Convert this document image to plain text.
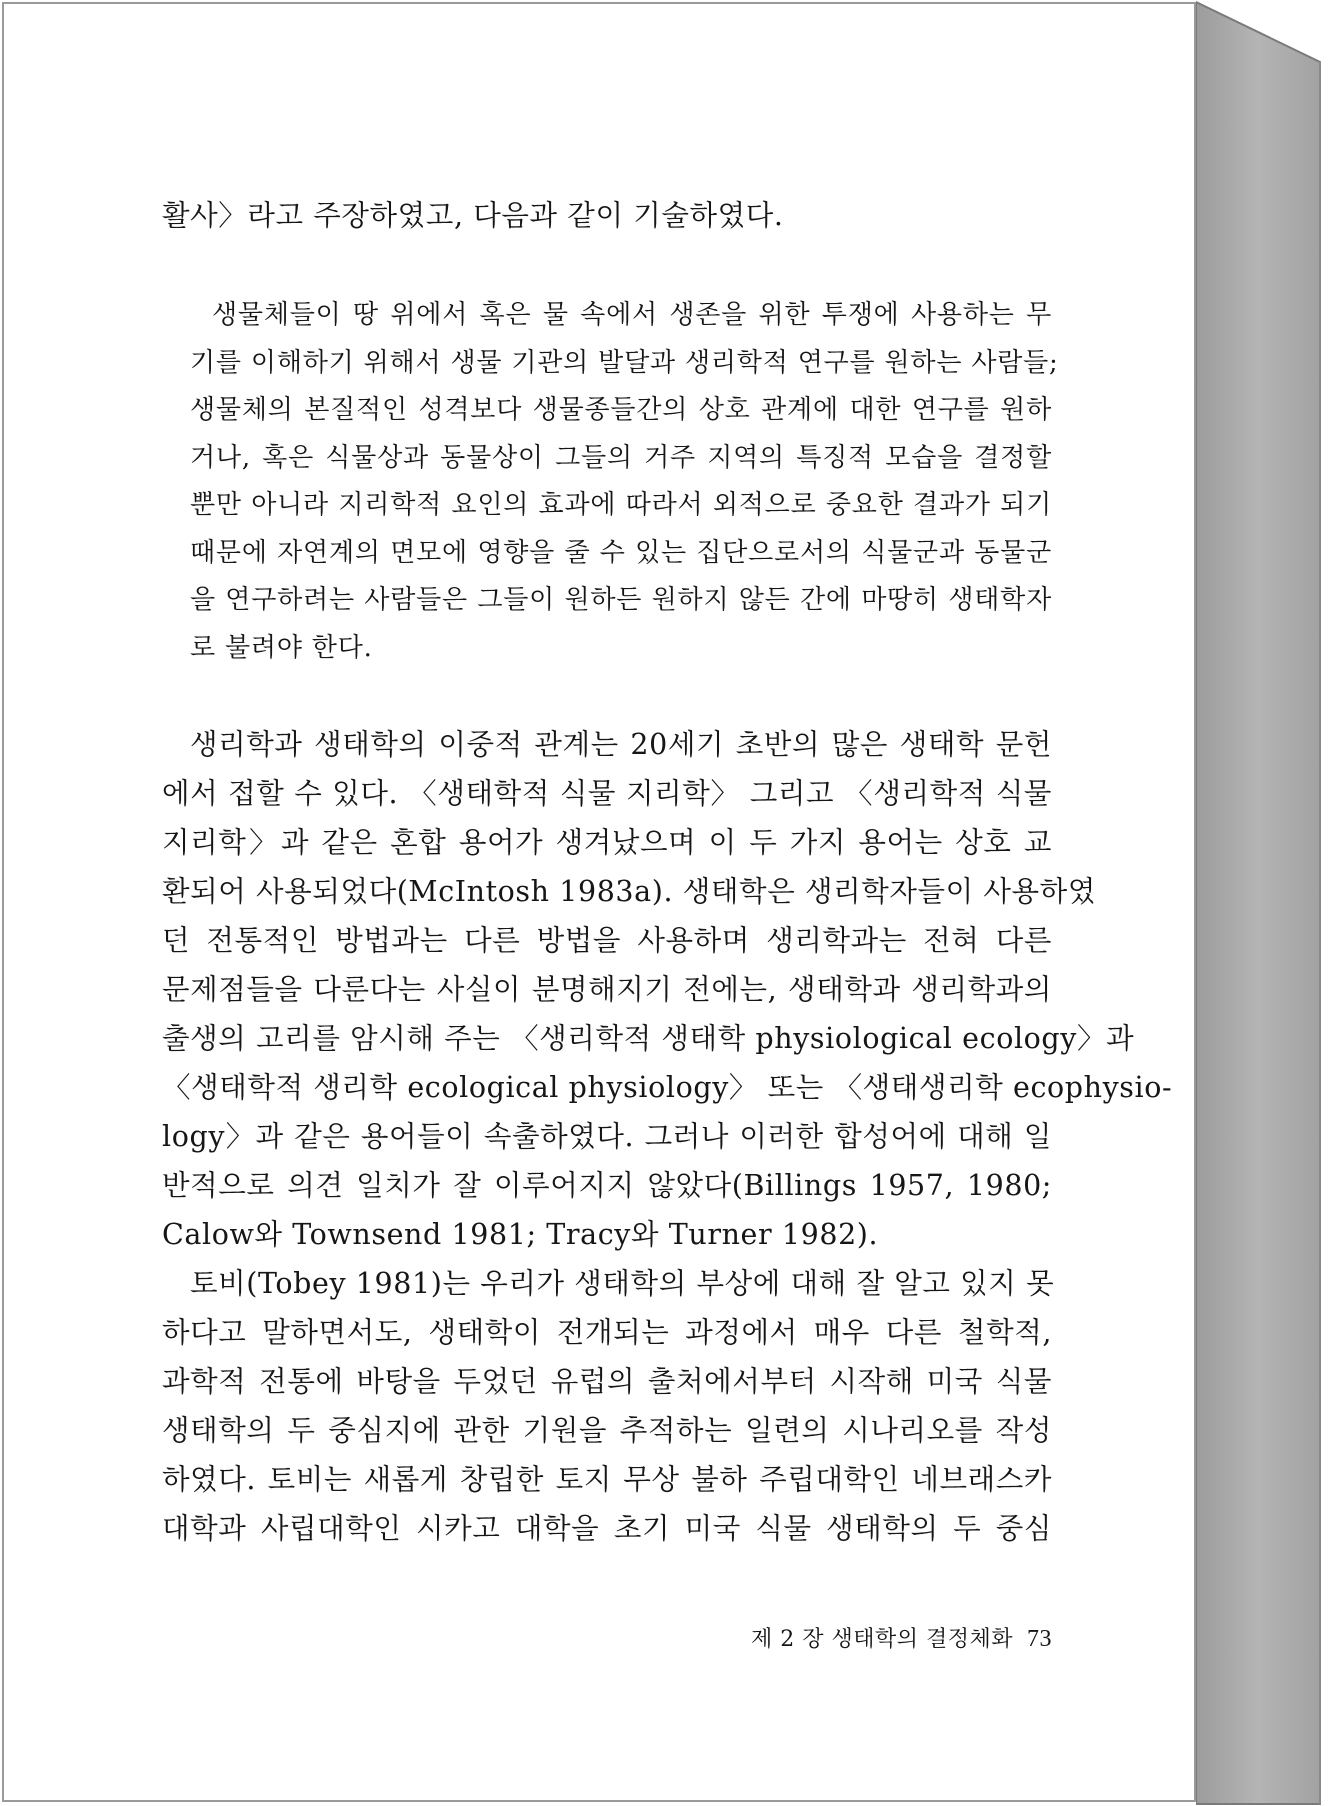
활사〉라고 주장하였고, 다음과 같이 기술하였다.

생물체들이 땅 위에서 혹은 물 속에서 생존을 위한 투쟁에 사용하는 무
기를 이해하기 위해서 생물 기관의 발달과 생리학적 연구를 원하는 사람들;
생물체의 본질적인 성격보다 생물종들간의 상호 관계에 대한 연구를 원하
거나, 혹은 식물상과 동물상이 그들의 거주 지역의 특징적 모습을 결정할
뿐만 아니라 지리학적 요인의 효과에 따라서 외적으로 중요한 결과가 되기
때문에 자연계의 면모에 영향을 줄 수 있는 집단으로서의 식물군과 동물군
을 연구하려는 사람들은 그들이 원하든 원하지 않든 간에 마땅히 생태학자
로 불려야 한다.
생리학과 생태학의 이중적 관계는 20세기 초반의 많은 생태학 문헌
에서 접할 수 있다. 〈생태학적 식물 지리학〉 그리고 〈생리학적 식물
지리학〉과 같은 혼합 용어가 생겨났으며 이 두 가지 용어는 상호 교
환되어 사용되었다(McIntosh 1983a). 생태학은 생리학자들이 사용하였
던 전통적인 방법과는 다른 방법을 사용하며 생리학과는 전혀 다른
문제점들을 다룬다는 사실이 분명해지기 전에는, 생태학과 생리학과의
출생의 고리를 암시해 주는 〈생리학적 생태학 physiological ecology〉과
〈생태학적 생리학 ecological physiology〉 또는 〈생태생리학 ecophysio-
logy〉과 같은 용어들이 속출하였다. 그러나 이러한 합성어에 대해 일
반적으로 의견 일치가 잘 이루어지지 않았다(Billings 1957, 1980;
Calow와 Townsend 1981; Tracy와 Turner 1982).
토비(Tobey 1981)는 우리가 생태학의 부상에 대해 잘 알고 있지 못
하다고 말하면서도, 생태학이 전개되는 과정에서 매우 다른 철학적,
과학적 전통에 바탕을 두었던 유럽의 출처에서부터 시작해 미국 식물
생태학의 두 중심지에 관한 기원을 추적하는 일련의 시나리오를 작성
하였다. 토비는 새롭게 창립한 토지 무상 불하 주립대학인 네브래스카
대학과 사립대학인 시카고 대학을 초기 미국 식물 생태학의 두 중심
제 2 장 생태학의 결정체화 73
